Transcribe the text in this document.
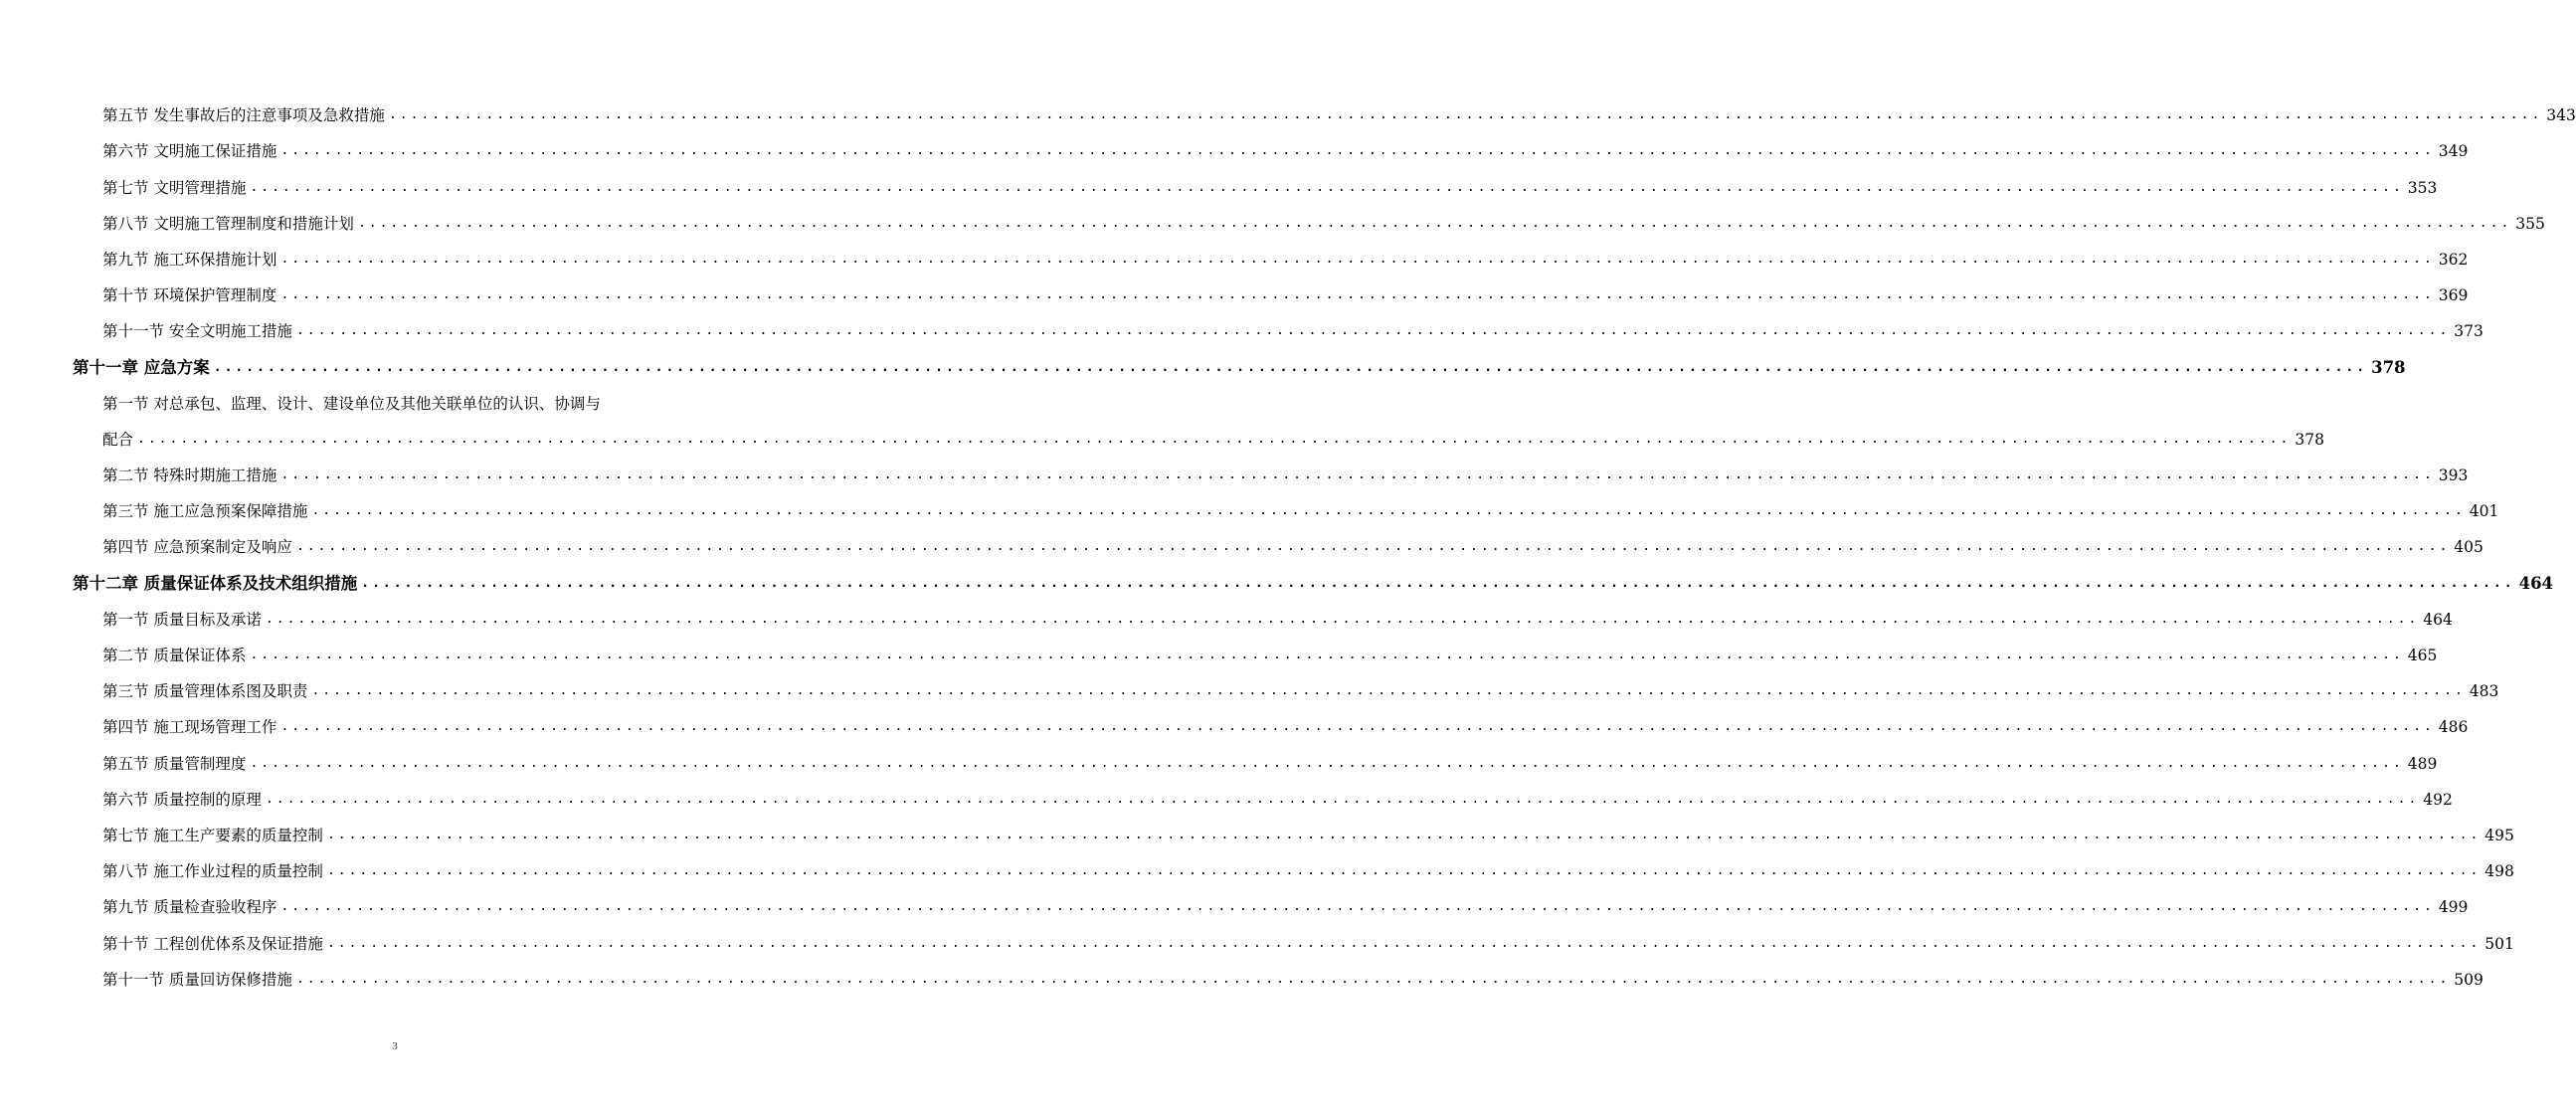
第五节 发生事故后的注意事项及急救措施 ........................................................................................................................................................................................................ 343
第六节 文明施工保证措施 ........................................................................................................................................................................................................ 349
第七节 文明管理措施 ........................................................................................................................................................................................................ 353
第八节 文明施工管理制度和措施计划 ........................................................................................................................................................................................................ 355
第九节 施工环保措施计划 ........................................................................................................................................................................................................ 362
第十节 环境保护管理制度 ........................................................................................................................................................................................................ 369
第十一节 安全文明施工措施 ........................................................................................................................................................................................................ 373
第十一章 应急方案 ........................................................................................................................................................................................................ 378
第一节 对总承包、监理、设计、建设单位及其他关联单位的认识、协调与
配合 ........................................................................................................................................................................................................ 378
第二节 特殊时期施工措施 ........................................................................................................................................................................................................ 393
第三节 施工应急预案保障措施 ........................................................................................................................................................................................................ 401
第四节 应急预案制定及响应 ........................................................................................................................................................................................................ 405
第十二章 质量保证体系及技术组织措施 ........................................................................................................................................................................................................ 464
第一节 质量目标及承诺 ........................................................................................................................................................................................................ 464
第二节 质量保证体系 ........................................................................................................................................................................................................ 465
第三节 质量管理体系图及职责 ........................................................................................................................................................................................................ 483
第四节 施工现场管理工作 ........................................................................................................................................................................................................ 486
第五节 质量管制理度 ........................................................................................................................................................................................................ 489
第六节 质量控制的原理 ........................................................................................................................................................................................................ 492
第七节 施工生产要素的质量控制 ........................................................................................................................................................................................................ 495
第八节 施工作业过程的质量控制 ........................................................................................................................................................................................................ 498
第九节 质量检查验收程序 ........................................................................................................................................................................................................ 499
第十节 工程创优体系及保证措施 ........................................................................................................................................................................................................ 501
第十一节 质量回访保修措施 ........................................................................................................................................................................................................ 509
3
